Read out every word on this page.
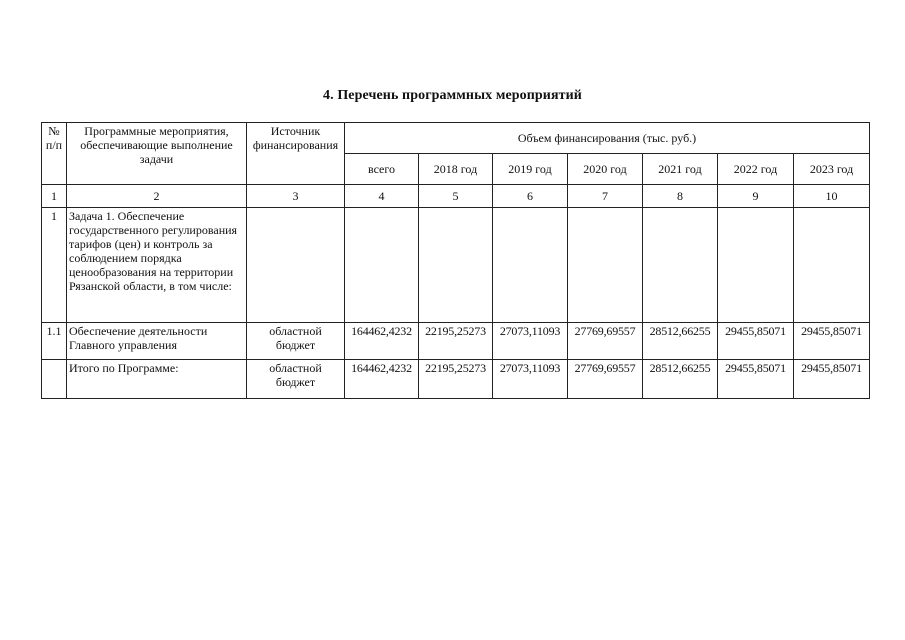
4. Перечень программных мероприятий
№ п/п	Программные мероприятия, обеспечивающие выполнение задачи	Источник финансирования	Объем финансирования (тыс. руб.)						
			всего	2018 год	2019 год	2020 год	2021 год	2022 год	2023 год
1	2	3	4	5	6	7	8	9	10
1	Задача 1. Обеспечение государственного регулирования тарифов (цен) и контроль за соблюдением порядка ценообразования на территории Рязанской области, в том числе:								
1.1	Обеспечение деятельности Главного управления	областной бюджет	164462,4232	22195,25273	27073,11093	27769,69557	28512,66255	29455,85071	29455,85071
	Итого по Программе:	областной бюджет	164462,4232	22195,25273	27073,11093	27769,69557	28512,66255	29455,85071	29455,85071
